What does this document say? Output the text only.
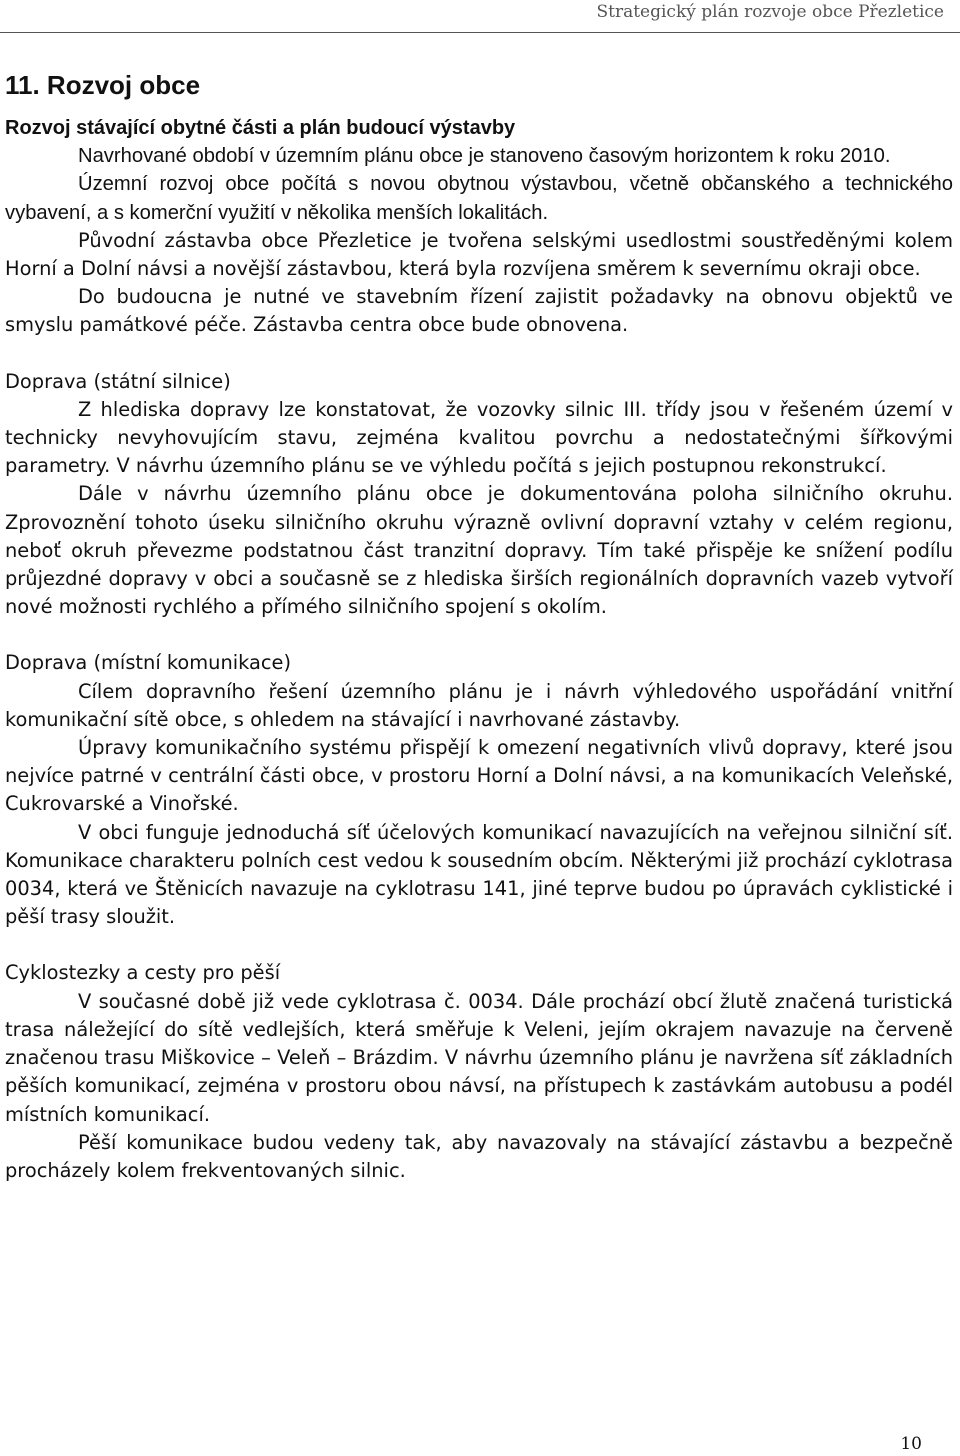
Strategický plán rozvoje obce Přezletice
11. Rozvoj obce
Rozvoj stávající obytné části a plán budoucí výstavby

Navrhované období v územním plánu obce je stanoveno časovým horizontem k roku 2010.

Územní rozvoj obce počítá s novou obytnou výstavbou, včetně občanského a technického vybavení, a s komerční využití v několika menších lokalitách.

Původní zástavba obce Přezletice je tvořena selskými usedlostmi soustředěnými kolem Horní a Dolní návsi a novější zástavbou, která byla rozvíjena směrem k severnímu okraji obce.

Do budoucna je nutné ve stavebním řízení zajistit požadavky na obnovu objektů ve smyslu památkové péče. Zástavba centra obce bude obnovena.

Doprava (státní silnice)

Z hlediska dopravy lze konstatovat, že vozovky silnic III. třídy jsou v řešeném území v technicky nevyhovujícím stavu, zejména kvalitou povrchu a nedostatečnými šířkovými parametry. V návrhu územního plánu se ve výhledu počítá s jejich postupnou rekonstrukcí.

Dále v návrhu územního plánu obce je dokumentována poloha silničního okruhu. Zprovoznění tohoto úseku silničního okruhu výrazně ovlivní dopravní vztahy v celém regionu, neboť okruh převezme podstatnou část tranzitní dopravy. Tím také přispěje ke snížení podílu průjezdné dopravy v obci a současně se z hlediska širších regionálních dopravních vazeb vytvoří nové možnosti rychlého a přímého silničního spojení s okolím.

Doprava (místní komunikace)

Cílem dopravního řešení územního plánu je i návrh výhledového uspořádání vnitřní komunikační sítě obce, s ohledem na stávající i navrhované zástavby.

Úpravy komunikačního systému přispějí k omezení negativních vlivů dopravy, které jsou nejvíce patrné v centrální části obce, v prostoru Horní a Dolní návsi, a na komunikacích Veleňské, Cukrovarské a Vinořské.

V obci funguje jednoduchá síť účelových komunikací navazujících na veřejnou silniční síť. Komunikace charakteru polních cest vedou k sousedním obcím. Některými již prochází cyklotrasa 0034, která ve Štěnicích navazuje na cyklotrasu 141, jiné teprve budou po úpravách cyklistické i pěší trasy sloužit.

Cyklostezky a cesty pro pěší

V současné době již vede cyklotrasa č. 0034. Dále prochází obcí žlutě značená turistická trasa náležející do sítě vedlejších, která směřuje k Veleni, jejím okrajem navazuje na červeně značenou trasu Miškovice – Veleň – Brázdim. V návrhu územního plánu je navržena síť základních pěších komunikací, zejména v prostoru obou návsí, na přístupech k zastávkám autobusu a podél místních komunikací.

Pěší komunikace budou vedeny tak, aby navazovaly na stávající zástavbu a bezpečně procházely kolem frekventovaných silnic.

10
